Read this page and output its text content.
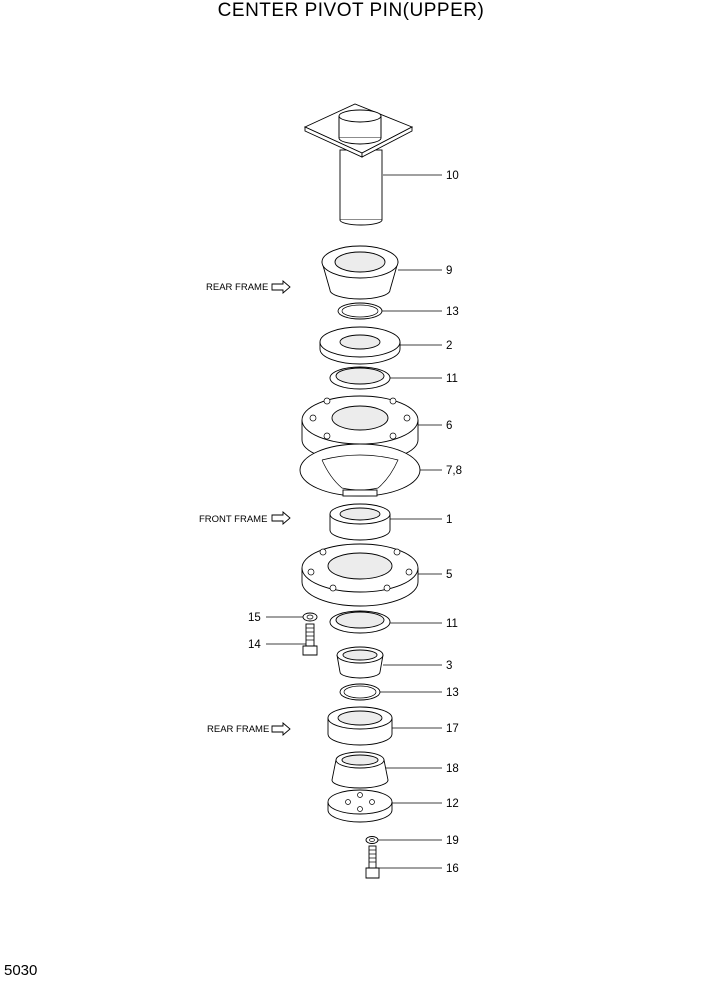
CENTER PIVOT PIN(UPPER)
REAR FRAME
FRONT FRAME
REAR FRAME
10
9
13
2
11
6
7,8
1
5
15	11
14
3
13
17
18
12
19
16
5030
